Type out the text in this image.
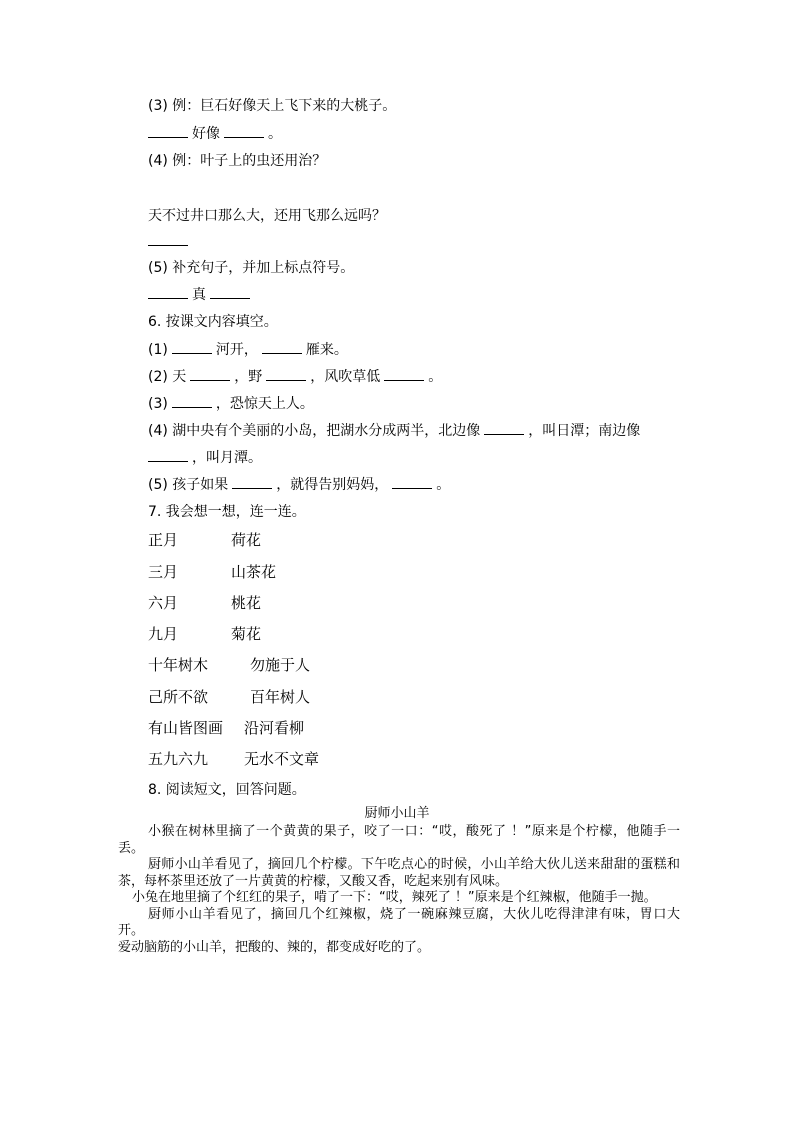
(3) 例：巨石好像天上飞下来的大桃子。
好像	。
(4) 例：叶子上的虫还用治？
天不过井口那么大，还用飞那么远吗？
(5) 补充句子，并加上标点符号。
真
6. 按课文内容填空。
(1)	河开，	雁来。
(2) 天	，野	，风吹草低	。
(3)	，恐惊天上人。
(4) 湖中央有个美丽的小岛，把湖水分成两半，北边像	，叫日潭；南边像
，叫月潭。
(5) 孩子如果	，就得告别妈妈，	。
7. 我会想一想，连一连。
正月	荷花
三月	山茶花
六月	桃花
九月	菊花
十年树木	勿施于人
己所不欲	百年树人
有山皆图画 沿河看柳
五九六九 无水不文章
8. 阅读短文，回答问题。
厨师小山羊

小猴在树林里摘了一个黄黄的果子，咬了一口：“哎，酸死了 ！”原来是个柠檬，他随手一丢。

厨师小山羊看见了，摘回几个柠檬。下午吃点心的时候，小山羊给大伙儿送来甜甜的蛋糕和茶，每杯茶里还放了一片黄黄的柠檬，又酸又香，吃起来别有风味。

小兔在地里摘了个红红的果子，啃了一下：“哎，辣死了 ！”原来是个红辣椒，他随手一抛。

厨师小山羊看见了，摘回几个红辣椒，烧了一碗麻辣豆腐，大伙儿吃得津津有味，胃口大开。

爱动脑筋的小山羊，把酸的、辣的，都变成好吃的了。
